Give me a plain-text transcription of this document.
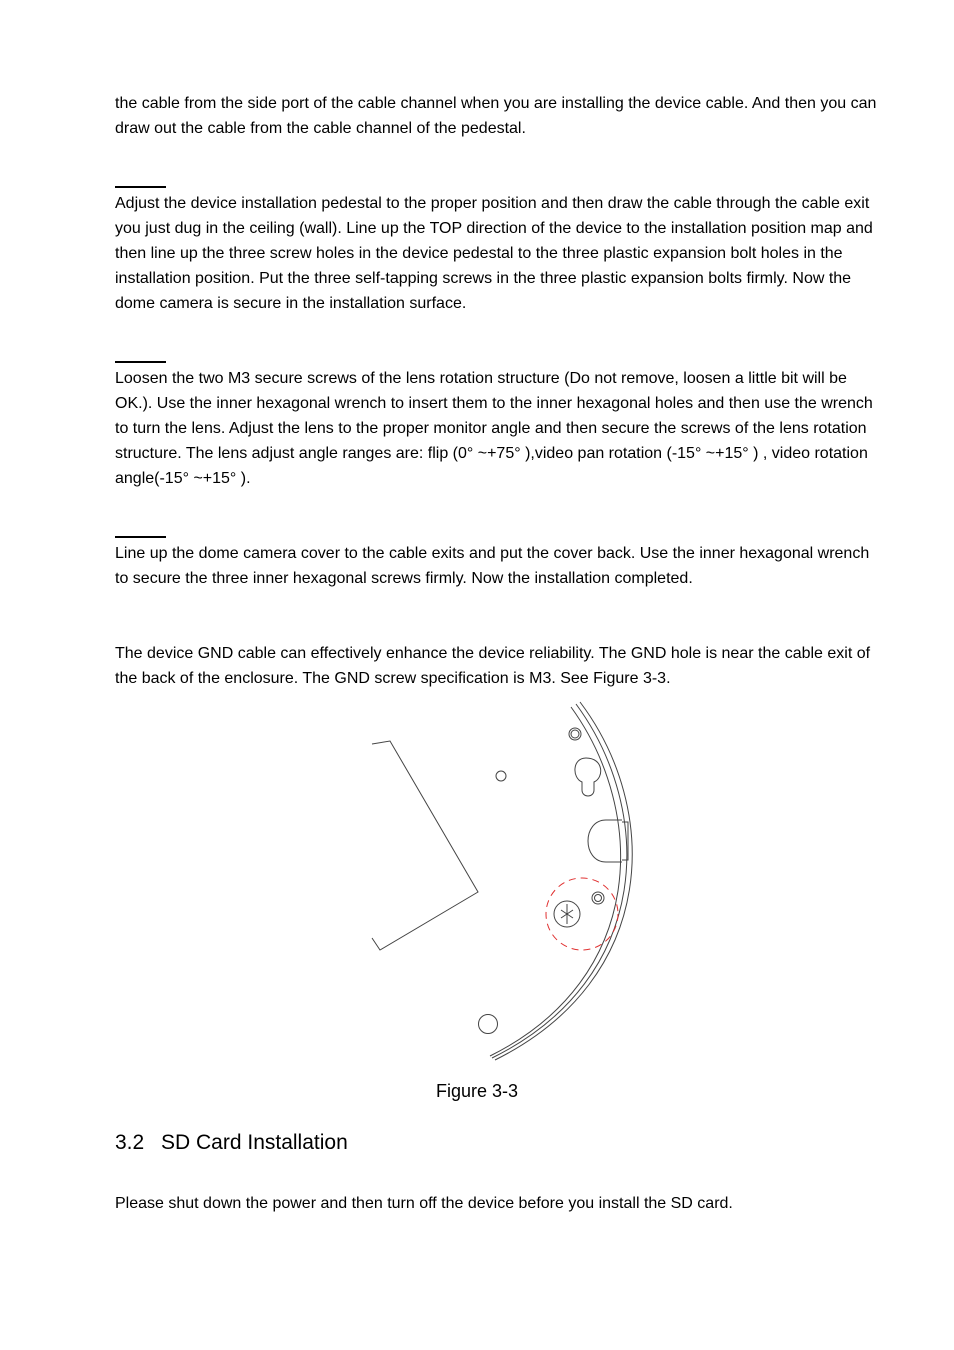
the cable from the side port of the cable channel when you are installing the device cable. And then you can draw out the cable from the cable channel of the pedestal.

Adjust the device installation pedestal to the proper position and then draw the cable through the cable exit you just dug in the ceiling (wall). Line up the TOP direction of the device to the installation position map and then line up the three screw holes in the device pedestal to the three plastic expansion bolt holes in the installation position. Put the three self-tapping screws in the three plastic expansion bolts firmly. Now the dome camera is secure in the installation surface.

Loosen the two M3 secure screws of the lens rotation structure (Do not remove, loosen a little bit will be OK.). Use the inner hexagonal wrench to insert them to the inner hexagonal holes and then use the wrench to turn the lens. Adjust the lens to the proper monitor angle and then secure the screws of the lens rotation structure. The lens adjust angle ranges are: flip (0° ~+75° ),video pan rotation (-15° ~+15° ) , video rotation angle(-15° ~+15° ).

Line up the dome camera cover to the cable exits and put the cover back. Use the inner hexagonal wrench to secure the three inner hexagonal screws firmly. Now the installation completed.

The device GND cable can effectively enhance the device reliability. The GND hole is near the cable exit of the back of the enclosure. The GND screw specification is M3. See Figure 3-3.

Figure 3-3
3.2 SD Card Installation

Please shut down the power and then turn off the device before you install the SD card.
